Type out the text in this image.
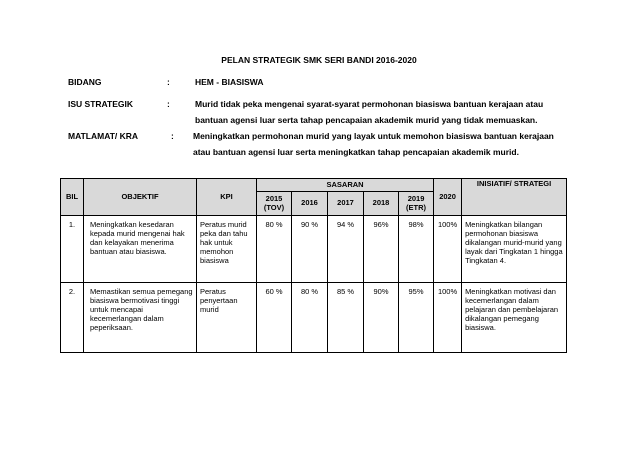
PELAN STRATEGIK SMK SERI BANDI 2016-2020
BIDANG	:	HEM - BIASISWA
ISU STRATEGIK	:	Murid tidak peka mengenai syarat-syarat permohonan biasiswa bantuan kerajaan atau
bantuan agensi luar serta tahap pencapaian akademik murid yang tidak memuaskan.
MATLAMAT/ KRA	: Meningkatkan permohonan murid yang layak untuk memohon biasiswa bantuan kerajaan
atau bantuan agensi luar serta meningkatkan tahap pencapaian akademik murid.
BIL	OBJEKTIF	KPI	SASARAN					2020	INISIATIF/ STRATEGI
			2015 (TOV)	2016	2017	2018	2019 (ETR)		
1.	Meningkatkan kesedaran kepada murid mengenai hak dan kelayakan menerima bantuan atau biasiswa.	Peratus murid peka dan tahu hak untuk memohon biasiswa	80 %	90 %	94 %	96%	98%	100%	Meningkatkan bilangan permohonan biasiswa dikalangan murid-murid yang layak dari Tingkatan 1 hingga Tingkatan 4.
2.	Memastikan semua pemegang biasiswa bermotivasi tinggi untuk mencapai kecemerlangan dalam peperiksaan.	Peratus penyertaan murid	60 %	80 %	85 %	90%	95%	100%	Meningkatkan motivasi dan kecemerlangan dalam pelajaran dan pembelajaran dikalangan pemegang biasiswa.
